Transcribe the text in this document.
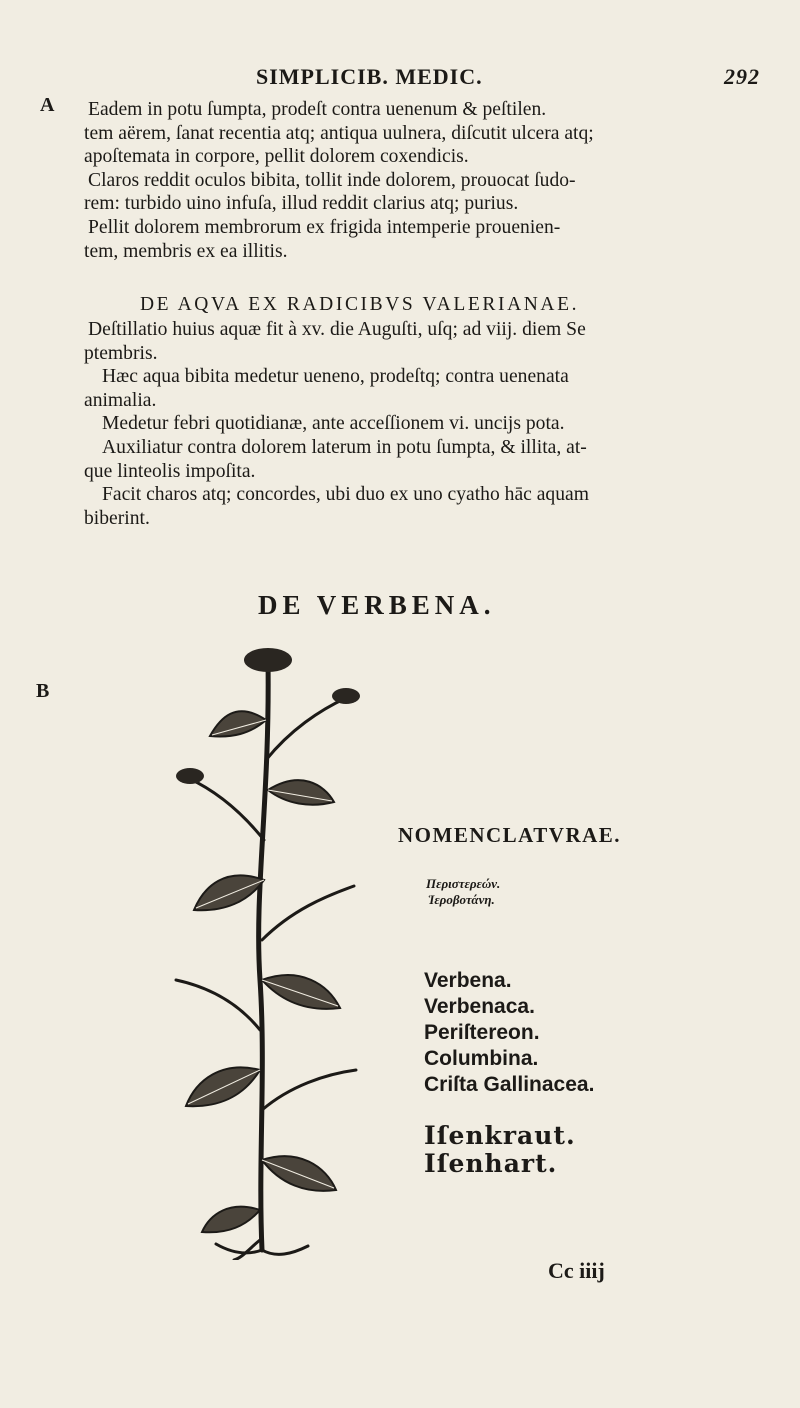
A
B
SIMPLICIB. MEDIC.	292

Eadem in potu ſumpta, prodeſt contra uenenum & peſtilen.

tem aërem, ſanat recentia atq; antiqua uulnera, diſcutit ulcera atq;

apoſtemata in corpore, pellit dolorem coxendicis.

Claros reddit oculos bibita, tollit inde dolorem, prouocat ſudo-

rem: turbido uino infuſa, illud reddit clarius atq; purius.

Pellit dolorem membrorum ex frigida intemperie prouenien-

tem, membris ex ea illitis.

DE AQVA EX RADICIBVS VALERIANAE.

Deſtillatio huius aquæ fit à xv. die Auguſti, uſq; ad viij. diem Se

ptembris.

Hæc aqua bibita medetur ueneno, prodeſtq; contra uenenata

animalia.

Medetur febri quotidianæ, ante acceſſionem vi. uncijs pota.

Auxiliatur contra dolorem laterum in potu ſumpta, & illita, at-

que linteolis impoſita.

Facit charos atq; concordes, ubi duo ex uno cyatho hāc aquam

biberint.

DE VERBENA.
NOMENCLATVRAE.
Περιστερεών.
Ἱεροβοτάνη.
Verbena.
Verbenaca.
Periſtereon.
Columbina.
Criſta Gallinacea.
Iſenkraut.
Iſenhart.
Cc iiij
